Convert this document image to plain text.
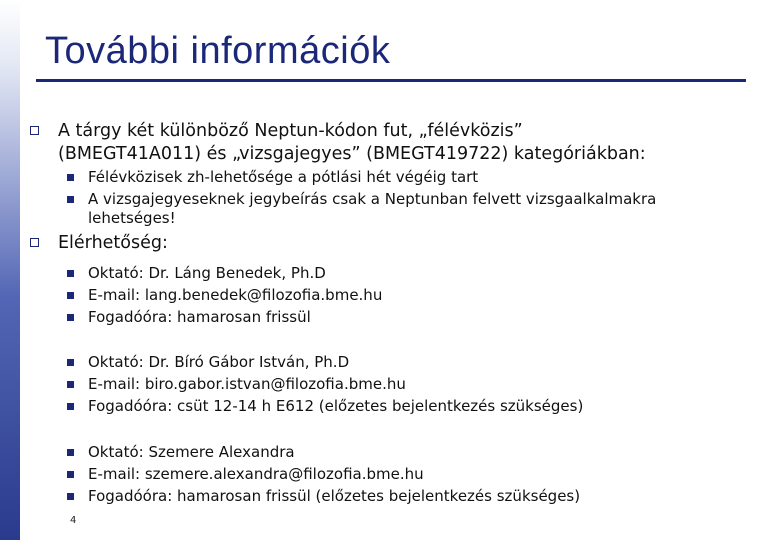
További információk
A tárgy két különböző Neptun-kódon fut, „félévközis”
(BMEGT41A011) és „vizsgajegyes” (BMEGT419722) kategóriákban:
Félévközisek zh-lehetősége a pótlási hét végéig tart
A vizsgajegyeseknek jegybeírás csak a Neptunban felvett vizsgaalkalmakra
lehetséges!
Elérhetőség:
Oktató: Dr. Láng Benedek, Ph.D
E-mail: lang.benedek@filozofia.bme.hu
Fogadóóra: hamarosan frissül
Oktató: Dr. Bíró Gábor István, Ph.D
E-mail: biro.gabor.istvan@filozofia.bme.hu
Fogadóóra: csüt 12-14 h E612 (előzetes bejelentkezés szükséges)
Oktató: Szemere Alexandra
E-mail: szemere.alexandra@filozofia.bme.hu
Fogadóóra: hamarosan frissül (előzetes bejelentkezés szükséges)
4
